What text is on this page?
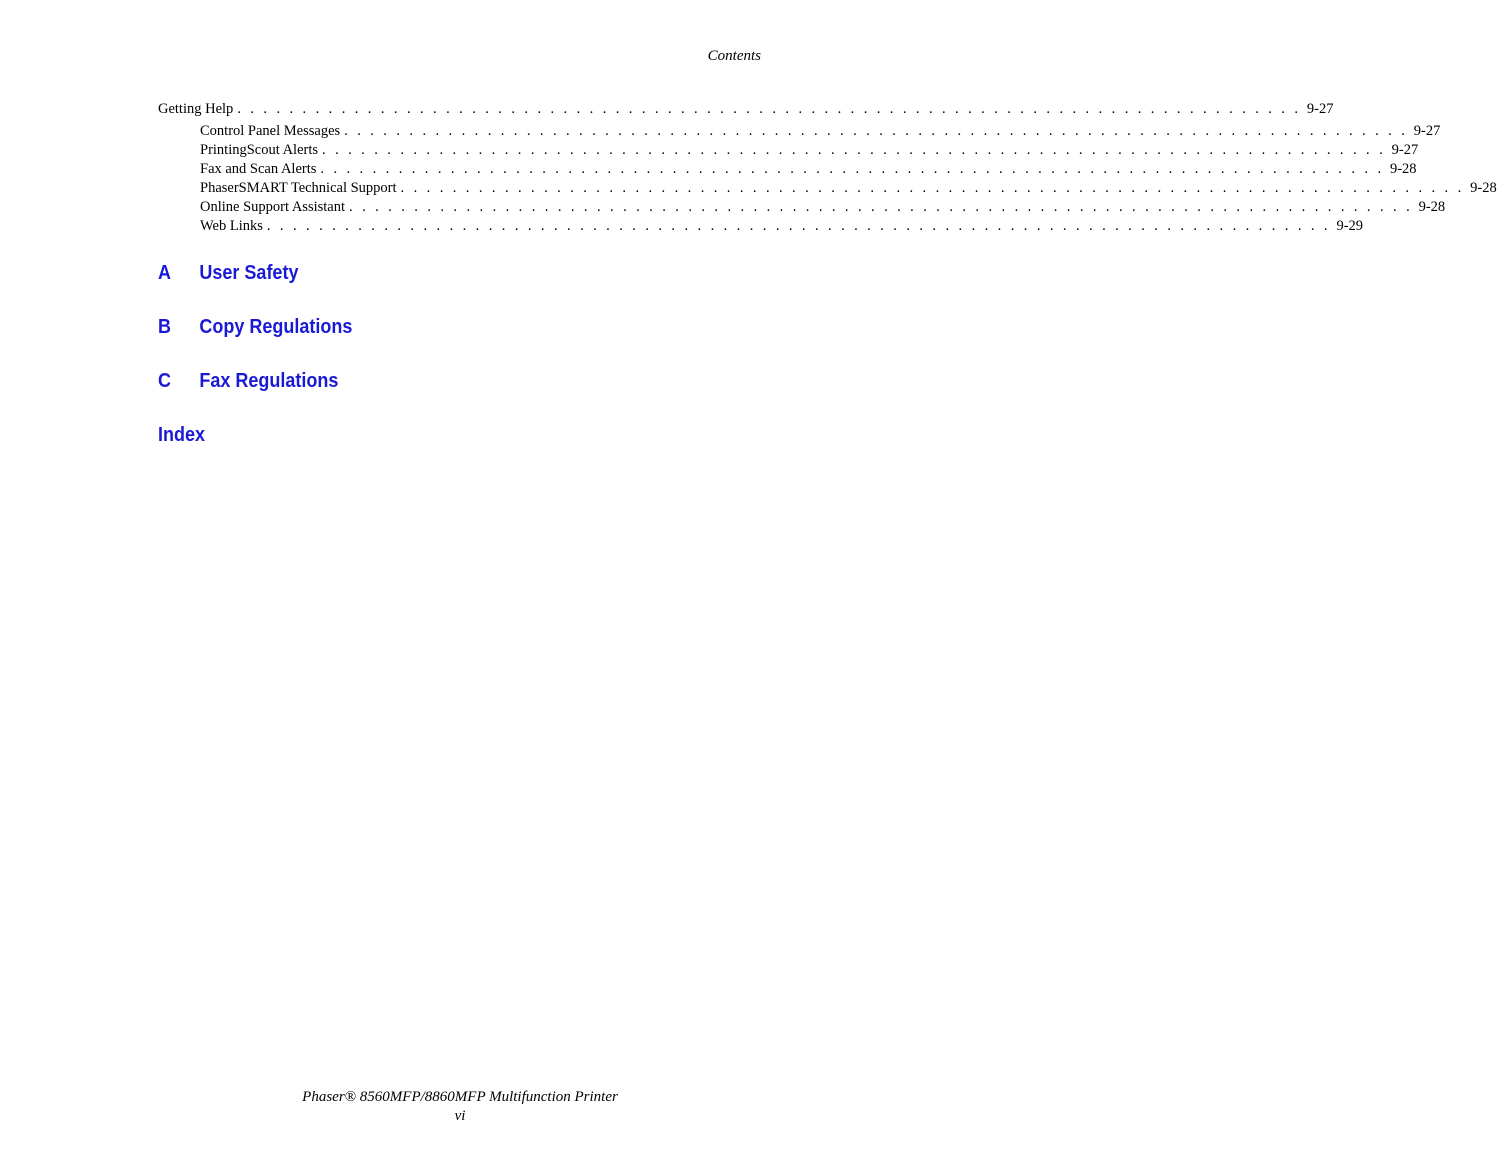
Contents
Getting Help . . . . . . . . . . . . . . . . . . . . . . . . . . . . . . . . . . . . . . . . . . . . . . . . . . . . . . . . . . . . . . . . . . . . . . . . . . . . . . . . . . 9-27
Control Panel Messages . . . . . . . . . . . . . . . . . . . . . . . . . . . . . . . . . . . . . . . . . . . . . . . . . . . . . . . . . . . . . . . . . . . . . . . . . . . . . . . . . . 9-27
PrintingScout Alerts . . . . . . . . . . . . . . . . . . . . . . . . . . . . . . . . . . . . . . . . . . . . . . . . . . . . . . . . . . . . . . . . . . . . . . . . . . . . . . . . . . 9-27
Fax and Scan Alerts . . . . . . . . . . . . . . . . . . . . . . . . . . . . . . . . . . . . . . . . . . . . . . . . . . . . . . . . . . . . . . . . . . . . . . . . . . . . . . . . . . 9-28
PhaserSMART Technical Support . . . . . . . . . . . . . . . . . . . . . . . . . . . . . . . . . . . . . . . . . . . . . . . . . . . . . . . . . . . . . . . . . . . . . . . . . . . . . . . . . . 9-28
Online Support Assistant . . . . . . . . . . . . . . . . . . . . . . . . . . . . . . . . . . . . . . . . . . . . . . . . . . . . . . . . . . . . . . . . . . . . . . . . . . . . . . . . . . 9-28
Web Links . . . . . . . . . . . . . . . . . . . . . . . . . . . . . . . . . . . . . . . . . . . . . . . . . . . . . . . . . . . . . . . . . . . . . . . . . . . . . . . . . . 9-29
A	User Safety
B	Copy Regulations
C	Fax Regulations
Index
Phaser® 8560MFP/8860MFP Multifunction Printer
vi
